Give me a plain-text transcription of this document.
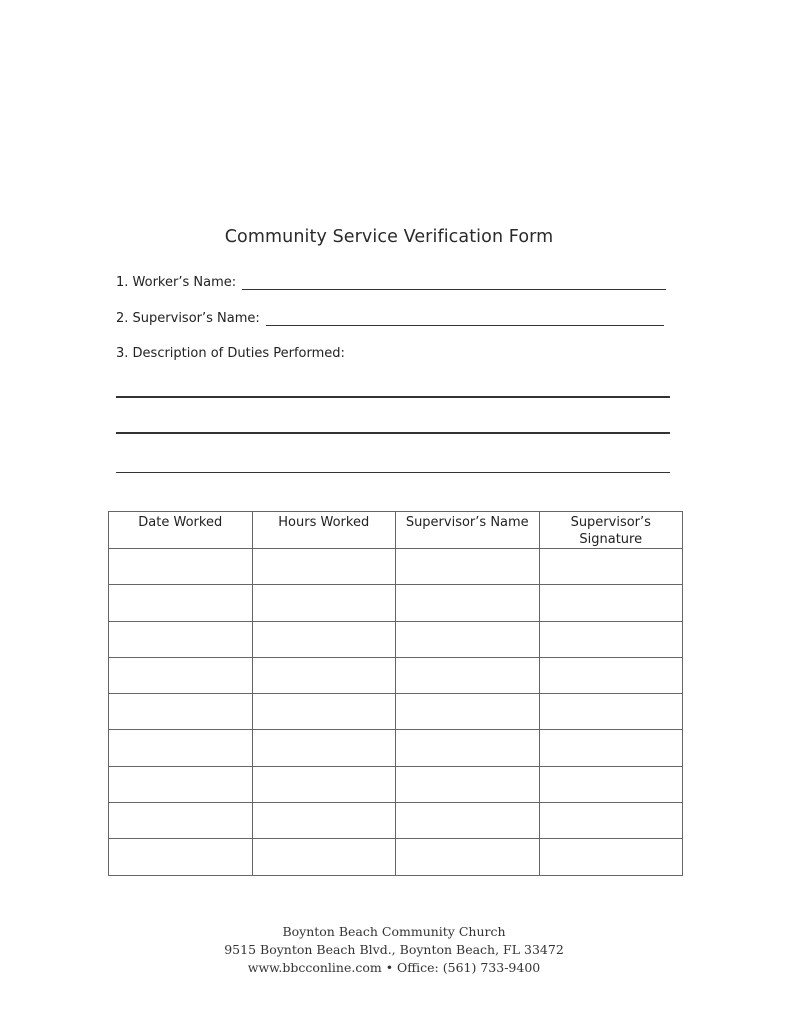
Community Service Verification Form
1. Worker’s Name:
2. Supervisor’s Name:
3. Description of Duties Performed:
Date Worked	Hours Worked	Supervisor’s Name	Supervisor’s Signature

Boynton Beach Community Church
9515 Boynton Beach Blvd., Boynton Beach, FL 33472
www.bbcconline.com • Office: (561) 733-9400
